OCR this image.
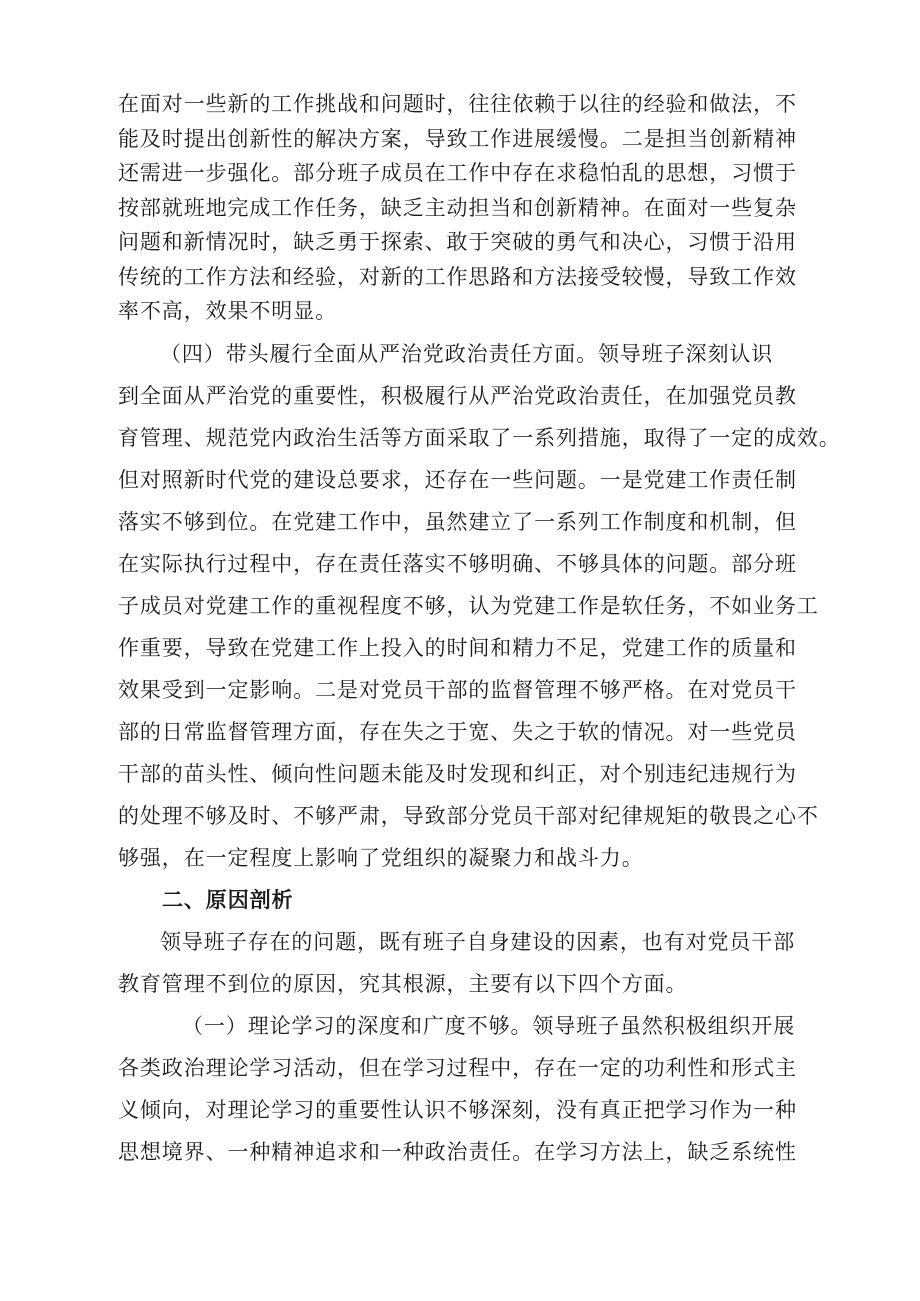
在面对一些新的工作挑战和问题时，往往依赖于以往的经验和做法，不
能及时提出创新性的解决方案，导致工作进展缓慢。二是担当创新精神
还需进一步强化。部分班子成员在工作中存在求稳怕乱的思想，习惯于
按部就班地完成工作任务，缺乏主动担当和创新精神。在面对一些复杂
问题和新情况时，缺乏勇于探索、敢于突破的勇气和决心，习惯于沿用
传统的工作方法和经验，对新的工作思路和方法接受较慢，导致工作效
率不高，效果不明显。
（四）带头履行全面从严治党政治责任方面。领导班子深刻认识
到全面从严治党的重要性，积极履行从严治党政治责任，在加强党员教
育管理、规范党内政治生活等方面采取了一系列措施，取得了一定的成效。
但对照新时代党的建设总要求，还存在一些问题。一是党建工作责任制
落实不够到位。在党建工作中，虽然建立了一系列工作制度和机制，但
在实际执行过程中，存在责任落实不够明确、不够具体的问题。部分班
子成员对党建工作的重视程度不够，认为党建工作是软任务，不如业务工
作重要，导致在党建工作上投入的时间和精力不足，党建工作的质量和
效果受到一定影响。二是对党员干部的监督管理不够严格。在对党员干
部的日常监督管理方面，存在失之于宽、失之于软的情况。对一些党员
干部的苗头性、倾向性问题未能及时发现和纠正，对个别违纪违规行为
的处理不够及时、不够严肃，导致部分党员干部对纪律规矩的敬畏之心不
够强，在一定程度上影响了党组织的凝聚力和战斗力。
二、原因剖析
领导班子存在的问题，既有班子自身建设的因素，也有对党员干部
教育管理不到位的原因，究其根源，主要有以下四个方面。
（一）理论学习的深度和广度不够。领导班子虽然积极组织开展
各类政治理论学习活动，但在学习过程中，存在一定的功利性和形式主
义倾向，对理论学习的重要性认识不够深刻，没有真正把学习作为一种
思想境界、一种精神追求和一种政治责任。在学习方法上，缺乏系统性
